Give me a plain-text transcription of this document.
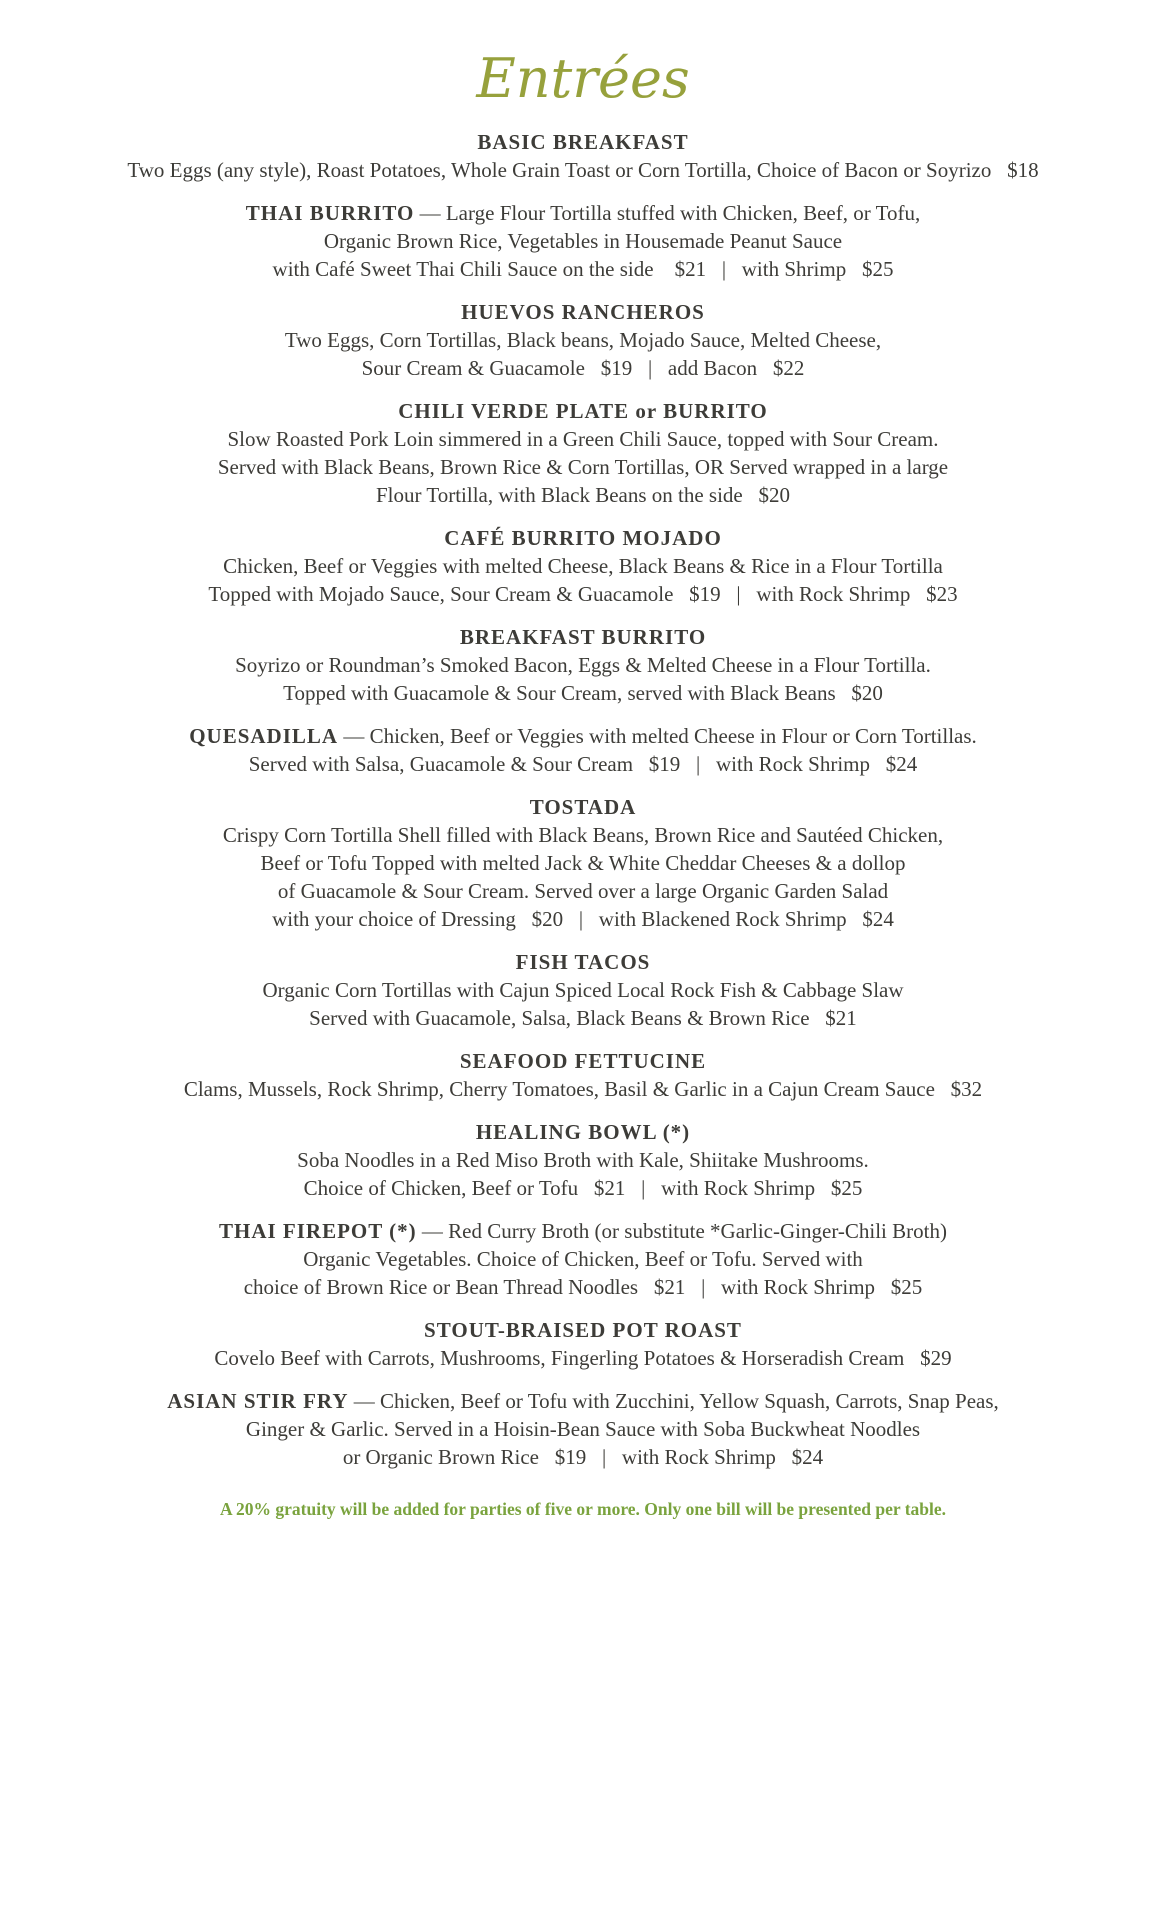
Entrées
BASIC BREAKFAST
Two Eggs (any style), Roast Potatoes, Whole Grain Toast or Corn Tortilla, Choice of Bacon or Soyrizo   $18
THAI BURRITO — Large Flour Tortilla stuffed with Chicken, Beef, or Tofu,
Organic Brown Rice, Vegetables in Housemade Peanut Sauce
with Café Sweet Thai Chili Sauce on the side    $21   |   with Shrimp   $25
HUEVOS RANCHEROS
Two Eggs, Corn Tortillas, Black beans, Mojado Sauce, Melted Cheese,
Sour Cream & Guacamole   $19   |   add Bacon   $22
CHILI VERDE PLATE or BURRITO
Slow Roasted Pork Loin simmered in a Green Chili Sauce, topped with Sour Cream.
Served with Black Beans, Brown Rice & Corn Tortillas, OR Served wrapped in a large
Flour Tortilla, with Black Beans on the side   $20
CAFÉ BURRITO MOJADO
Chicken, Beef or Veggies with melted Cheese, Black Beans & Rice in a Flour Tortilla
Topped with Mojado Sauce, Sour Cream & Guacamole   $19   |   with Rock Shrimp   $23
BREAKFAST BURRITO
Soyrizo or Roundman’s Smoked Bacon, Eggs & Melted Cheese in a Flour Tortilla.
Topped with Guacamole & Sour Cream, served with Black Beans   $20
QUESADILLA — Chicken, Beef or Veggies with melted Cheese in Flour or Corn Tortillas.
Served with Salsa, Guacamole & Sour Cream   $19   |   with Rock Shrimp   $24
TOSTADA
Crispy Corn Tortilla Shell filled with Black Beans, Brown Rice and Sautéed Chicken,
Beef or Tofu Topped with melted Jack & White Cheddar Cheeses & a dollop
of Guacamole & Sour Cream. Served over a large Organic Garden Salad
with your choice of Dressing   $20   |   with Blackened Rock Shrimp   $24
FISH TACOS
Organic Corn Tortillas with Cajun Spiced Local Rock Fish & Cabbage Slaw
Served with Guacamole, Salsa, Black Beans & Brown Rice   $21
SEAFOOD FETTUCINE
Clams, Mussels, Rock Shrimp, Cherry Tomatoes, Basil & Garlic in a Cajun Cream Sauce   $32
HEALING BOWL (*)
Soba Noodles in a Red Miso Broth with Kale, Shiitake Mushrooms.
Choice of Chicken, Beef or Tofu   $21   |   with Rock Shrimp   $25
THAI FIREPOT (*) — Red Curry Broth (or substitute *Garlic-Ginger-Chili Broth)
Organic Vegetables. Choice of Chicken, Beef or Tofu. Served with
choice of Brown Rice or Bean Thread Noodles   $21   |   with Rock Shrimp   $25
STOUT-BRAISED POT ROAST
Covelo Beef with Carrots, Mushrooms, Fingerling Potatoes & Horseradish Cream   $29
ASIAN STIR FRY — Chicken, Beef or Tofu with Zucchini, Yellow Squash, Carrots, Snap Peas,
Ginger & Garlic. Served in a Hoisin-Bean Sauce with Soba Buckwheat Noodles
or Organic Brown Rice   $19   |   with Rock Shrimp   $24
A 20% gratuity will be added for parties of five or more. Only one bill will be presented per table.
